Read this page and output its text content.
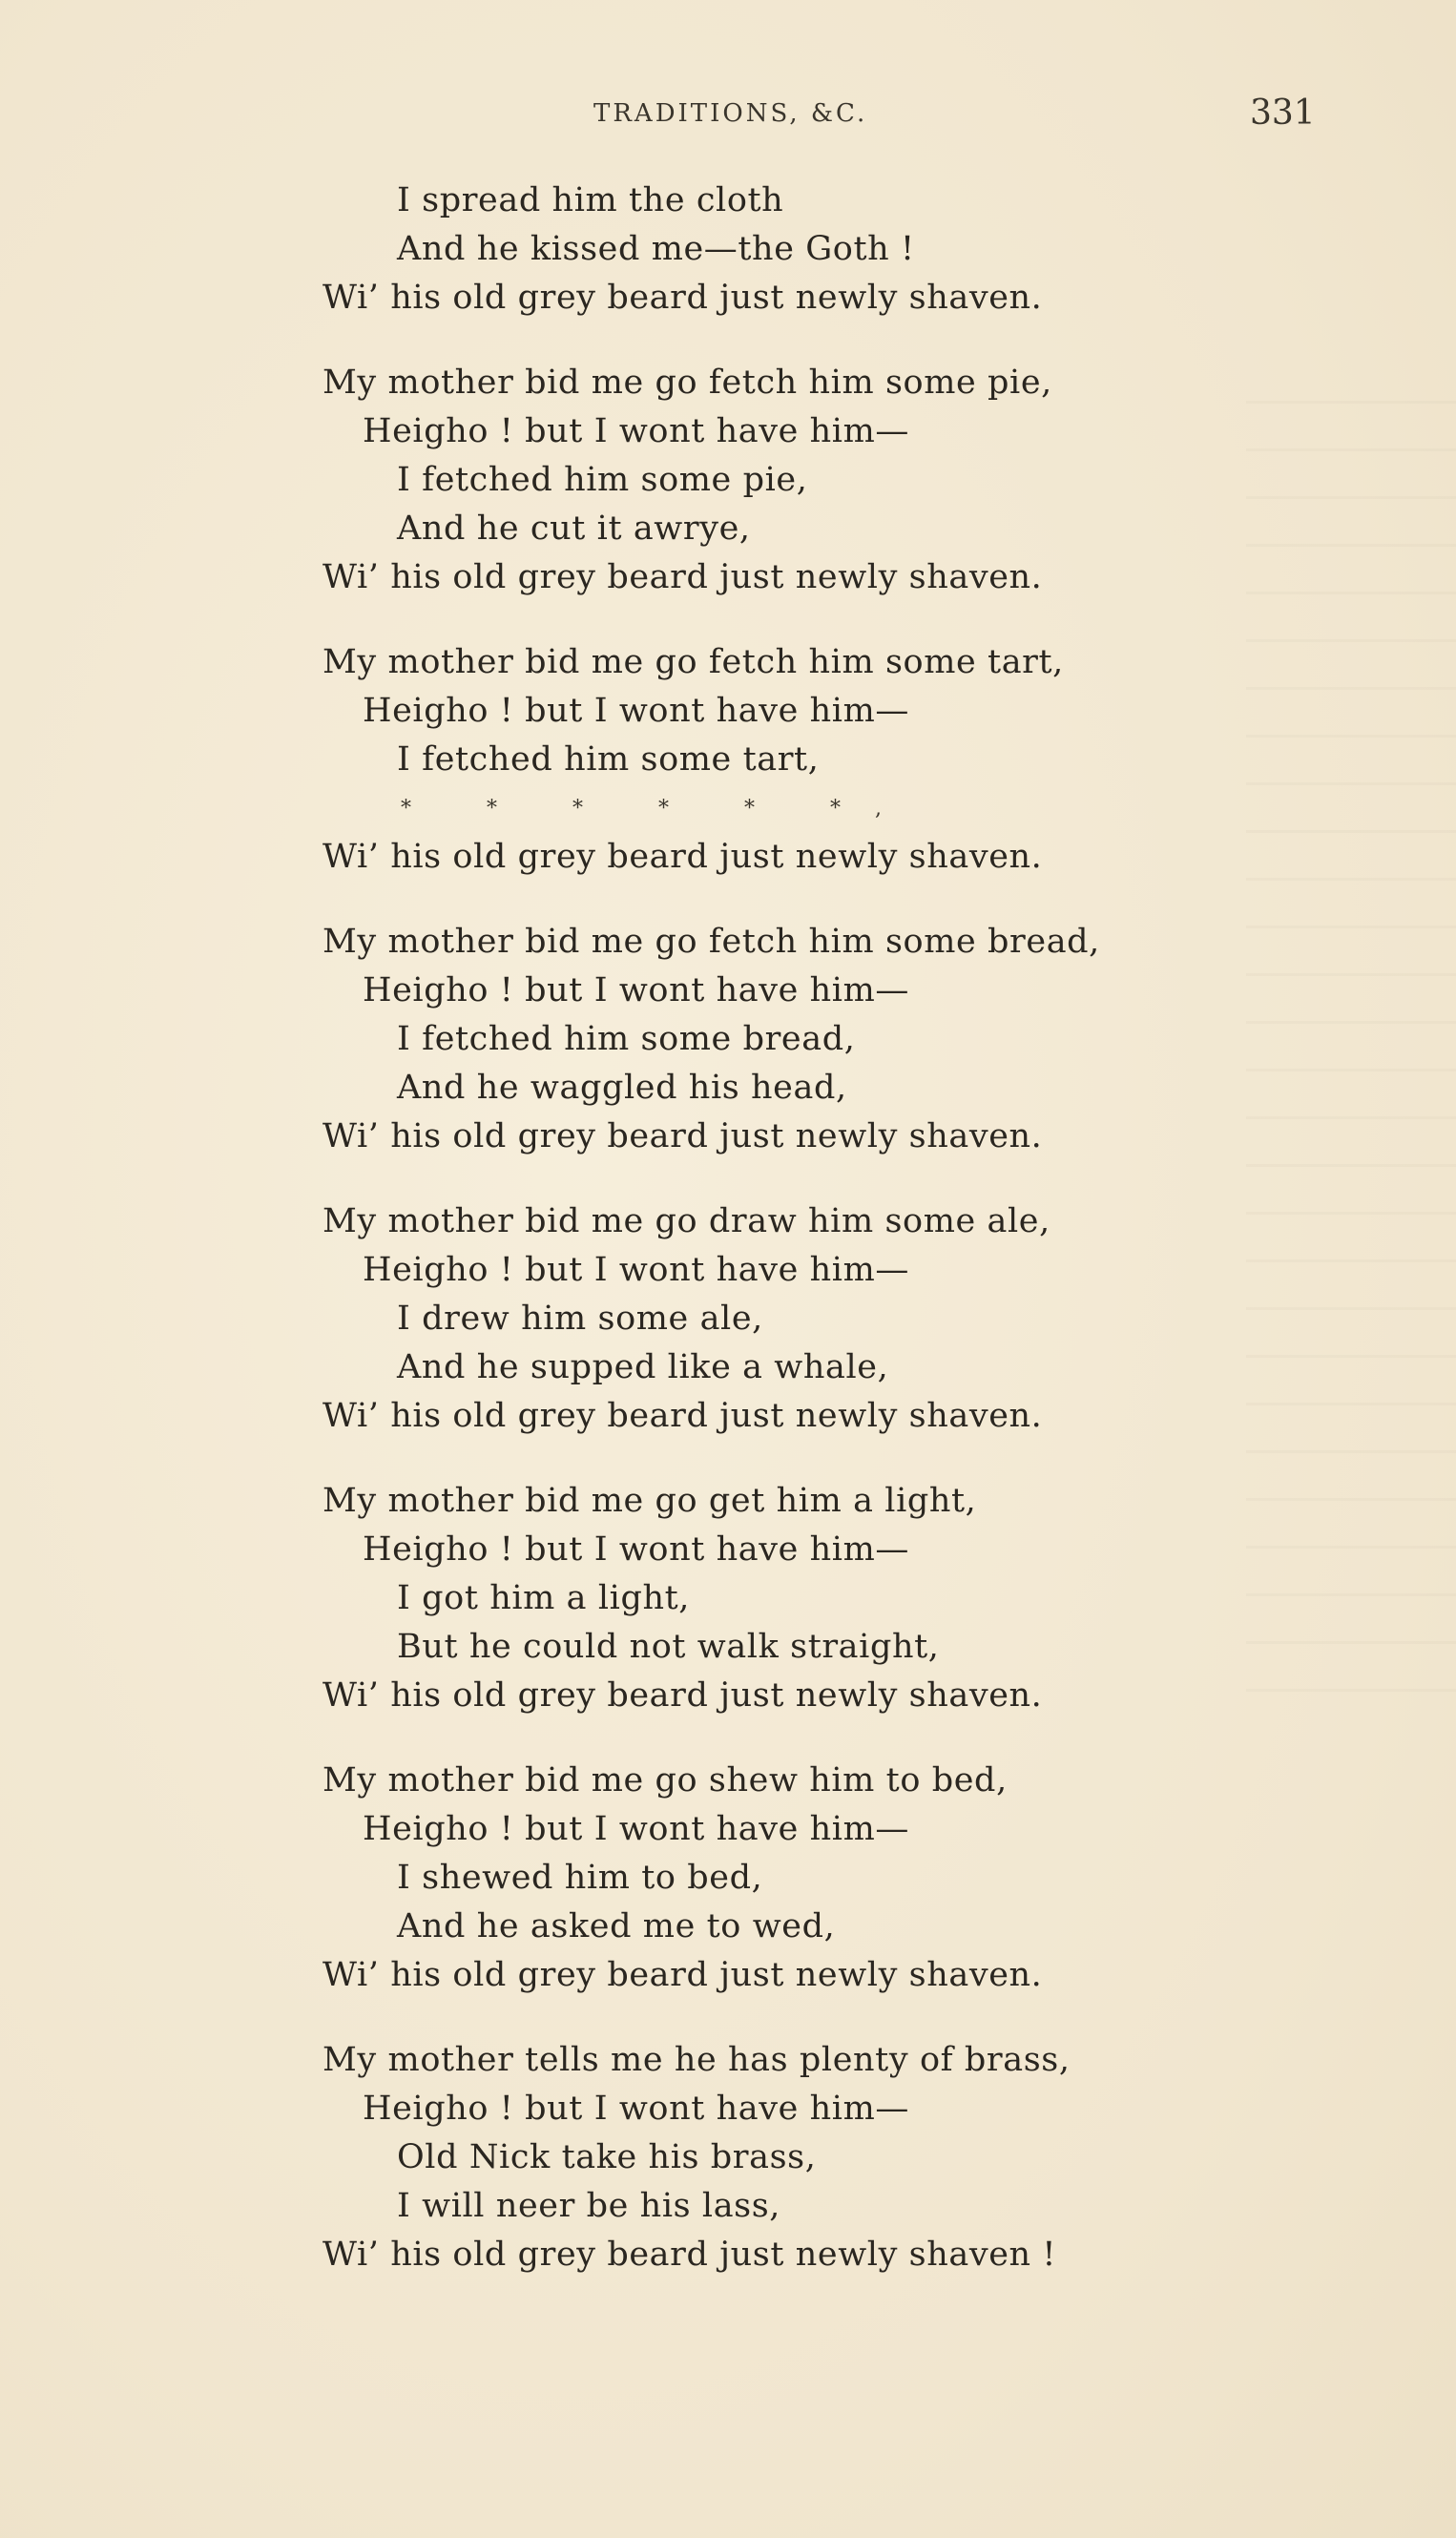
TRADITIONS, &C.	331
I spread him the cloth
And he kissed me—the Goth !
Wi’ his old grey beard just newly shaven.
My mother bid me go fetch him some pie,
Heigho ! but I wont have him—
I fetched him some pie,
And he cut it awrye,
Wi’ his old grey beard just newly shaven.
My mother bid me go fetch him some tart,
Heigho ! but I wont have him—
I fetched him some tart,
* * * * * *,
Wi’ his old grey beard just newly shaven.
My mother bid me go fetch him some bread,
Heigho ! but I wont have him—
I fetched him some bread,
And he waggled his head,
Wi’ his old grey beard just newly shaven.
My mother bid me go draw him some ale,
Heigho ! but I wont have him—
I drew him some ale,
And he supped like a whale,
Wi’ his old grey beard just newly shaven.
My mother bid me go get him a light,
Heigho ! but I wont have him—
I got him a light,
But he could not walk straight,
Wi’ his old grey beard just newly shaven.
My mother bid me go shew him to bed,
Heigho ! but I wont have him—
I shewed him to bed,
And he asked me to wed,
Wi’ his old grey beard just newly shaven.
My mother tells me he has plenty of brass,
Heigho ! but I wont have him—
Old Nick take his brass,
I will neer be his lass,
Wi’ his old grey beard just newly shaven !
